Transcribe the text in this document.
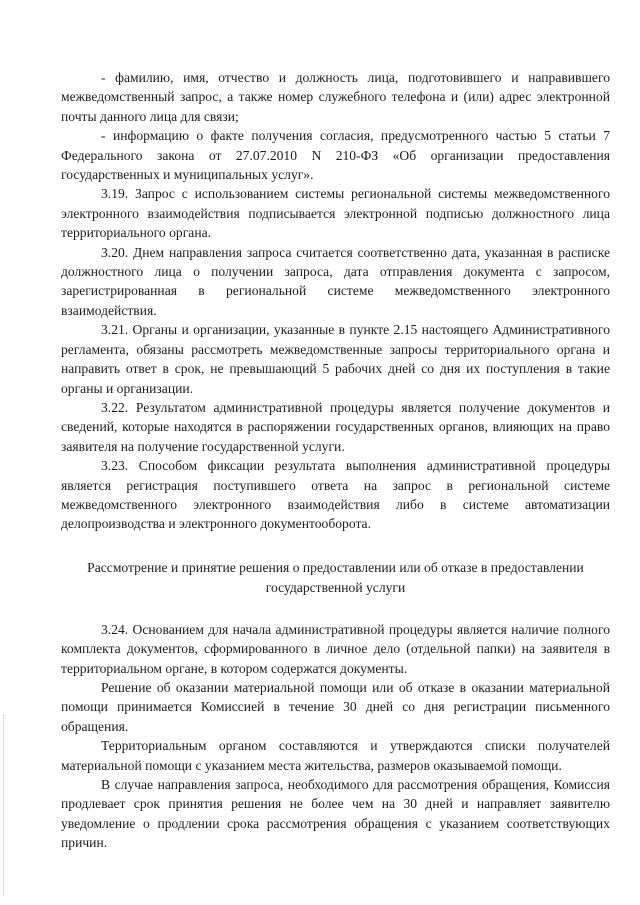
- фамилию, имя, отчество и должность лица, подготовившего и направившего межведомственный запрос, а также номер служебного телефона и (или) адрес электронной почты данного лица для связи;

- информацию о факте получения согласия, предусмотренного частью 5 статьи 7 Федерального закона от 27.07.2010 N 210-ФЗ «Об организации предоставления государственных и муниципальных услуг».

3.19. Запрос с использованием системы региональной системы межведомственного электронного взаимодействия подписывается электронной подписью должностного лица территориального органа.

3.20. Днем направления запроса считается соответственно дата, указанная в расписке должностного лица о получении запроса, дата отправления документа с запросом, зарегистрированная в региональной системе межведомственного электронного взаимодействия.

3.21. Органы и организации, указанные в пункте 2.15 настоящего Административного регламента, обязаны рассмотреть межведомственные запросы территориального органа и направить ответ в срок, не превышающий 5 рабочих дней со дня их поступления в такие органы и организации.

3.22. Результатом административной процедуры является получение документов и сведений, которые находятся в распоряжении государственных органов, влияющих на право заявителя на получение государственной услуги.

3.23. Способом фиксации результата выполнения административной процедуры является регистрация поступившего ответа на запрос в региональной системе межведомственного электронного взаимодействия либо в системе автоматизации делопроизводства и электронного документооборота.

Рассмотрение и принятие решения о предоставлении или об отказе в предоставлении государственной услуги

3.24. Основанием для начала административной процедуры является наличие полного комплекта документов, сформированного в личное дело (отдельной папки) на заявителя в территориальном органе, в котором содержатся документы.

Решение об оказании материальной помощи или об отказе в оказании материальной помощи принимается Комиссией в течение 30 дней со дня регистрации письменного обращения.

Территориальным органом составляются и утверждаются списки получателей материальной помощи с указанием места жительства, размеров оказываемой помощи.

В случае направления запроса, необходимого для рассмотрения обращения, Комиссия продлевает срок принятия решения не более чем на 30 дней и направляет заявителю уведомление о продлении срока рассмотрения обращения с указанием соответствующих причин.
